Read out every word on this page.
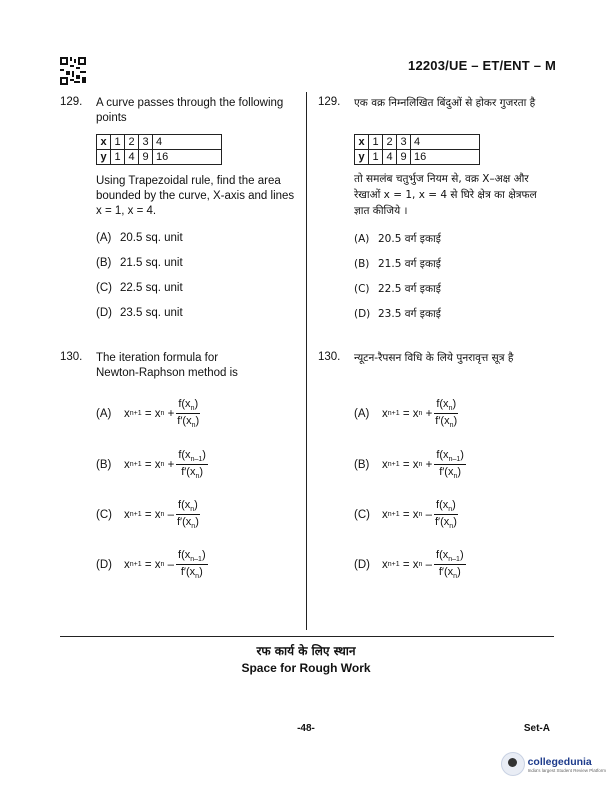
12203/UE – ET/ENT – M
129. A curve passes through the following
points
x	1	2	3	4
y	1	4	9	16
Using Trapezoidal rule, find the area
bounded by the curve, X-axis and lines
x = 1, x = 4.
(A) 20.5 sq. unit
(B) 21.5 sq. unit
(C) 22.5 sq. unit
(D) 23.5 sq. unit
130. The iteration formula for
Newton-Raphson method is
(A)	x n+1
= x n
+ $\frac{f(x_n)}{f'(x_n)}$
(B)	x n+1
= x n
+ $\frac{f(x_{n-1})}{f'(x_n)}$
(C)	x n+1
= x n
– $\frac{f(x_n)}{f'(x_n)}$
(D)	x n+1
= x n
– $\frac{f(x_{n-1})}{f'(x_n)}$
129. एक वक्र निम्नलिखित बिंदुओं से होकर गुजरता है
x	1	2	3	4
y	1	4	9	16
तो समलंब चतुर्भुज नियम से, वक्र X–अक्ष और
रेखाओं x = 1, x = 4 से घिरे क्षेत्र का क्षेत्रफल
ज्ञात कीजिये ।
(A) 20.5 वर्ग इकाई
(B) 21.5 वर्ग इकाई
(C) 22.5 वर्ग इकाई
(D) 23.5 वर्ग इकाई
130. न्यूटन-रैपसन विधि के लिये पुनरावृत्त सूत्र है
(A)	x n+1
= x n
+ $\frac{f(x_n)}{f'(x_n)}$
(B)	x n+1
= x n
+ $\frac{f(x_{n-1})}{f'(x_n)}$
(C)	x n+1
= x n
– $\frac{f(x_n)}{f'(x_n)}$
(D)	x n+1
= x n
– $\frac{f(x_{n-1})}{f'(x_n)}$
रफ कार्य के लिए स्थान
Space for Rough Work
-48-	Set-A
collegedunia
India's largest Student Review Platform
